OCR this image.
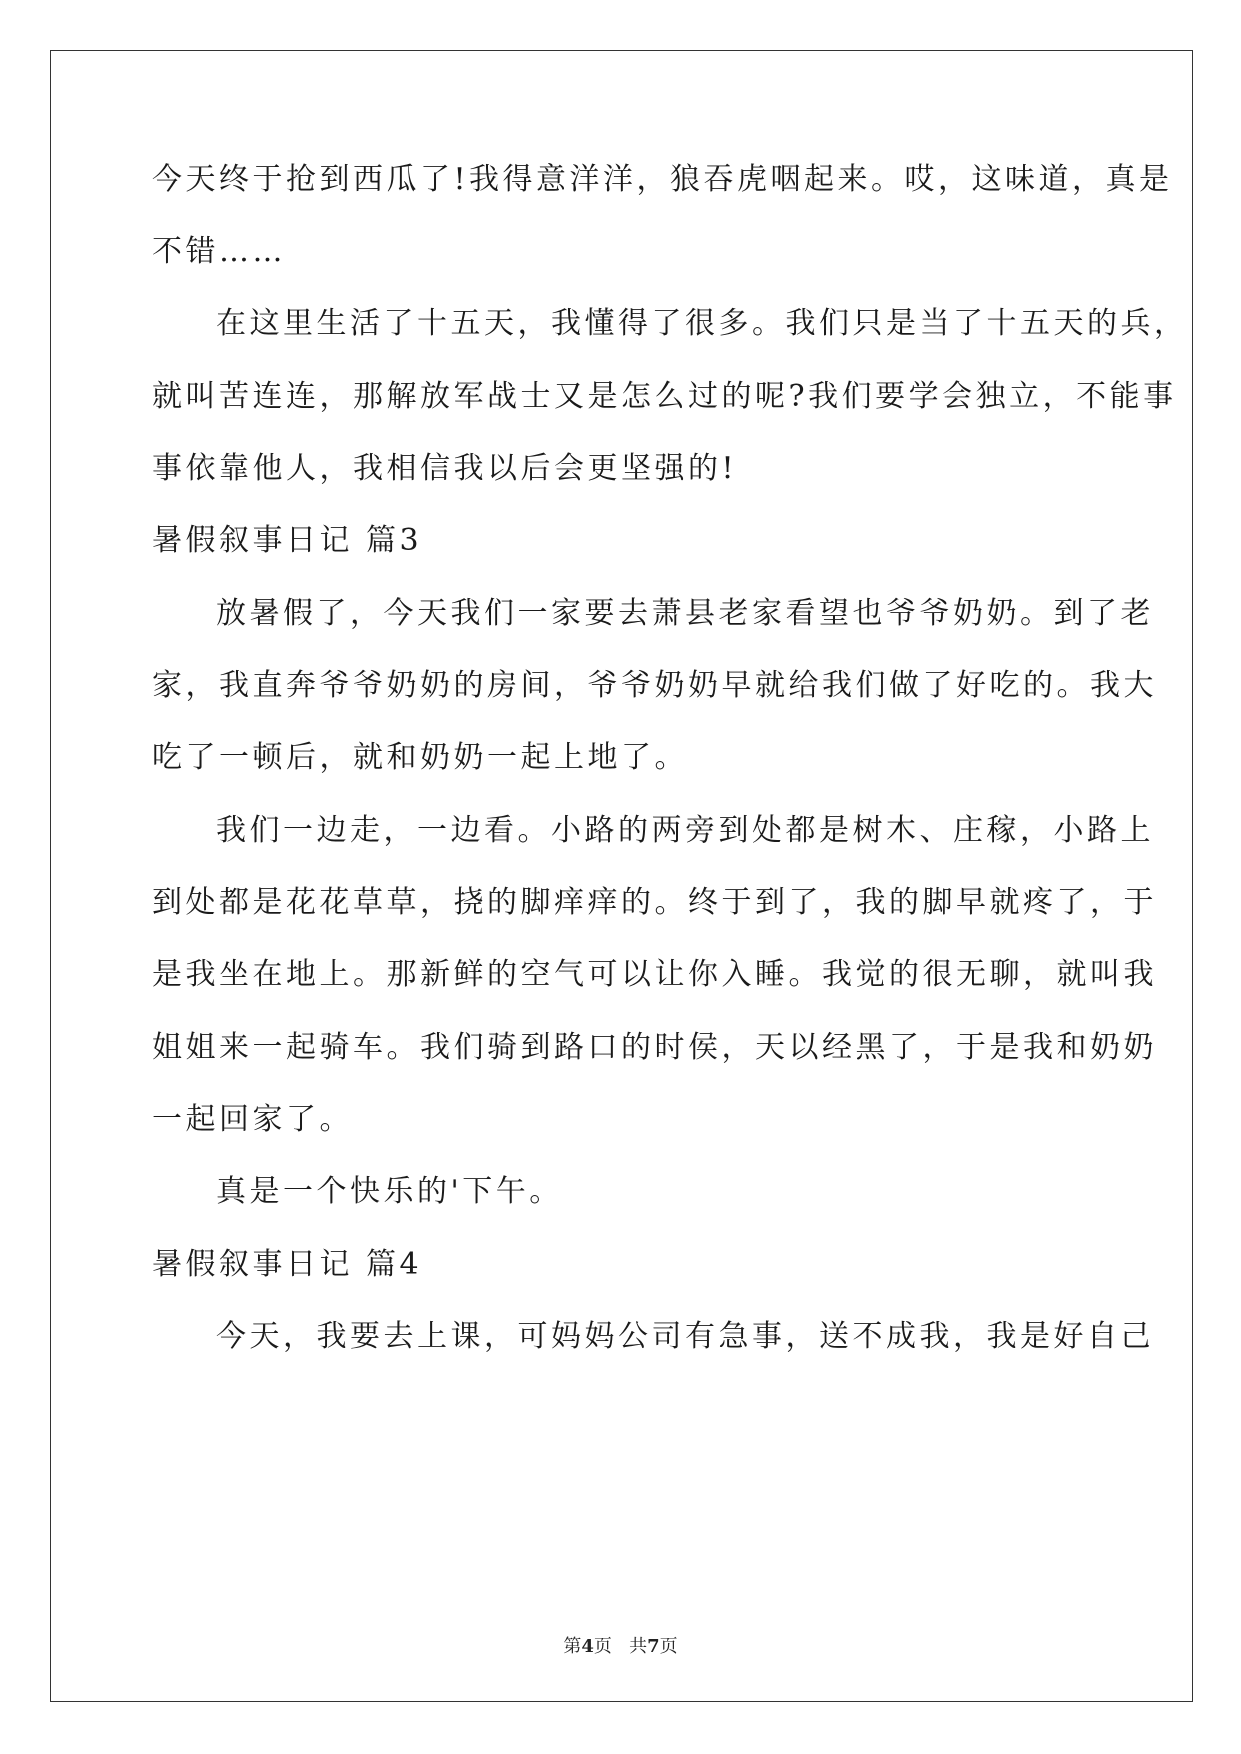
今天终于抢到西瓜了!我得意洋洋，狼吞虎咽起来。哎，这味道，真是
不错……
在这里生活了十五天，我懂得了很多。我们只是当了十五天的兵，
就叫苦连连，那解放军战士又是怎么过的呢?我们要学会独立，不能事
事依靠他人，我相信我以后会更坚强的!
暑假叙事日记 篇3
放暑假了，今天我们一家要去萧县老家看望也爷爷奶奶。到了老
家，我直奔爷爷奶奶的房间，爷爷奶奶早就给我们做了好吃的。我大
吃了一顿后，就和奶奶一起上地了。
我们一边走，一边看。小路的两旁到处都是树木、庄稼，小路上
到处都是花花草草，挠的脚痒痒的。终于到了，我的脚早就疼了，于
是我坐在地上。那新鲜的空气可以让你入睡。我觉的很无聊，就叫我
姐姐来一起骑车。我们骑到路口的时侯，天以经黑了，于是我和奶奶
一起回家了。
真是一个快乐的'下午。
暑假叙事日记 篇4
今天，我要去上课，可妈妈公司有急事，送不成我，我是好自己
第4页 共7页
